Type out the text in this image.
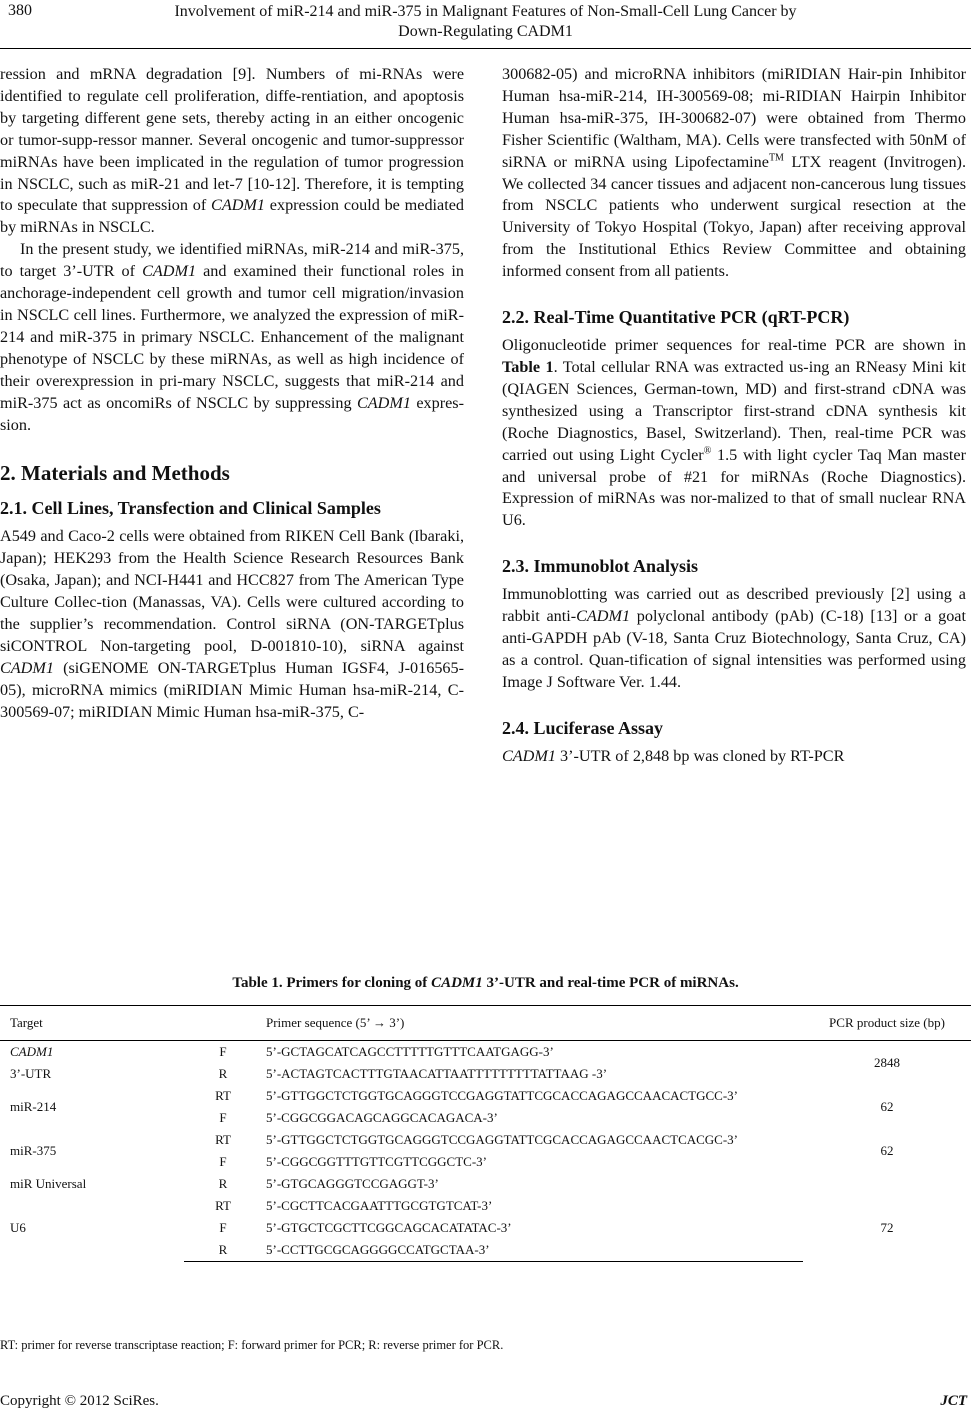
380	Involvement of miR-214 and miR-375 in Malignant Features of Non-Small-Cell Lung Cancer by
Down-Regulating CADM1

ression and mRNA degradation [9]. Numbers of mi-RNAs were identified to regulate cell proliferation, diffe-rentiation, and apoptosis by targeting different gene sets, thereby acting in an either oncogenic or tumor-supp-ressor manner. Several oncogenic and tumor-suppressor miRNAs have been implicated in the regulation of tumor progression in NSCLC, such as miR-21 and let-7 [10-12]. Therefore, it is tempting to speculate that suppression of CADM1 expression could be mediated by miRNAs in NSCLC.

In the present study, we identified miRNAs, miR-214 and miR-375, to target 3’-UTR of CADM1 and examined their functional roles in anchorage-independent cell growth and tumor cell migration/invasion in NSCLC cell lines. Furthermore, we analyzed the expression of miR-214 and miR-375 in primary NSCLC. Enhancement of the malignant phenotype of NSCLC by these miRNAs, as well as high incidence of their overexpression in pri-mary NSCLC, suggests that miR-214 and miR-375 act as oncomiRs of NSCLC by suppressing CADM1 expres-sion.

2. Materials and Methods
2.1. Cell Lines, Transfection and Clinical Samples

A549 and Caco-2 cells were obtained from RIKEN Cell Bank (Ibaraki, Japan); HEK293 from the Health Science Research Resources Bank (Osaka, Japan); and NCI-H441 and HCC827 from The American Type Culture Collec-tion (Manassas, VA). Cells were cultured according to the supplier’s recommendation. Control siRNA (ON-TARGETplus siCONTROL Non-targeting pool, D-001810-10), siRNA against CADM1 (siGENOME ON-TARGETplus Human IGSF4, J-016565-05), microRNA mimics (miRIDIAN Mimic Human hsa-miR-214, C-300569-07; miRIDIAN Mimic Human hsa-miR-375, C-

300682-05) and microRNA inhibitors (miRIDIAN Hair-pin Inhibitor Human hsa-miR-214, IH-300569-08; mi-RIDIAN Hairpin Inhibitor Human hsa-miR-375, IH-300682-07) were obtained from Thermo Fisher Scientific (Waltham, MA). Cells were transfected with 50nM of siRNA or miRNA using Lipofectamine™ LTX reagent (Invitrogen). We collected 34 cancer tissues and adjacent non-cancerous lung tissues from NSCLC patients who underwent surgical resection at the University of Tokyo Hospital (Tokyo, Japan) after receiving approval from the Institutional Ethics Review Committee and obtaining informed consent from all patients.

2.2. Real-Time Quantitative PCR (qRT-PCR)

Oligonucleotide primer sequences for real-time PCR are shown in Table 1. Total cellular RNA was extracted us-ing an RNeasy Mini kit (QIAGEN Sciences, German-town, MD) and first-strand cDNA was synthesized using a Transcriptor first-strand cDNA synthesis kit (Roche Diagnostics, Basel, Switzerland). Then, real-time PCR was carried out using Light Cycler® 1.5 with light cycler Taq Man master and universal probe of #21 for miRNAs (Roche Diagnostics). Expression of miRNAs was nor-malized to that of small nuclear RNA U6.

2.3. Immunoblot Analysis

Immunoblotting was carried out as described previously [2] using a rabbit anti-CADM1 polyclonal antibody (pAb) (C-18) [13] or a goat anti-GAPDH pAb (V-18, Santa Cruz Biotechnology, Santa Cruz, CA) as a control. Quan-tification of signal intensities was performed using Image J Software Ver. 1.44.

2.4. Luciferase Assay

CADM1 3’-UTR of 2,848 bp was cloned by RT-PCR

Table 1. Primers for cloning of CADM1 3’-UTR and real-time PCR of miRNAs.
Target		Primer sequence (5’ → 3’)	PCR product size (bp)
CADM1	F	5’-GCTAGCATCAGCCTTTTTGTTTCAATGAGG-3’	2848
3’-UTR	R	5’-ACTAGTCACTTTGTAACATTAATTTTTTTTTATTAAG -3’	
miR-214	RT	5’-GTTGGCTCTGGTGCAGGGTCCGAGGTATTCGCACCAGAGCCAACACTGCC-3’	62
	F	5’-CGGCGGACAGCAGGCACAGACA-3’	
miR-375	RT	5’-GTTGGCTCTGGTGCAGGGTCCGAGGTATTCGCACCAGAGCCAACTCACGC-3’	62
	F	5’-CGGCGGTTTGTTCGTTCGGCTC-3’	
miR Universal	R	5’-GTGCAGGGTCCGAGGT-3’	
U6	RT	5’-CGCTTCACGAATTTGCGTGTCAT-3’	72
	F	5’-GTGCTCGCTTCGGCAGCACATATAC-3’	
	R	5’-CCTTGCGCAGGGGCCATGCTAA-3’	
RT: primer for reverse transcriptase reaction; F: forward primer for PCR; R: reverse primer for PCR.
Copyright © 2012 SciRes.	JCT
